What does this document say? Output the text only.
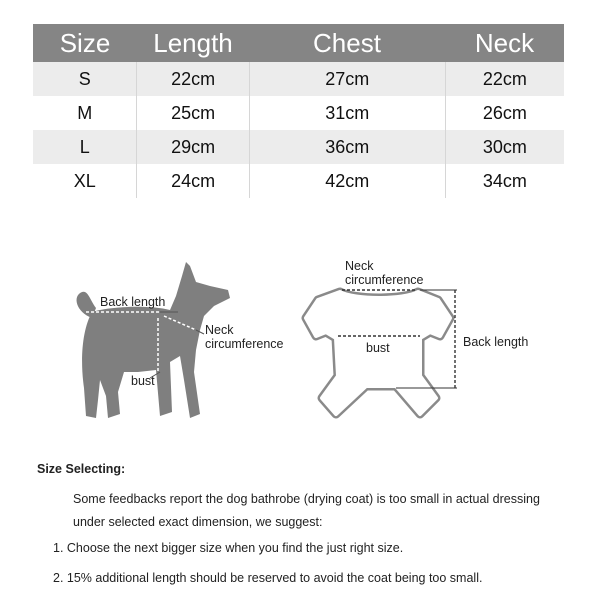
Size	Length	Chest	Neck
S	22cm	27cm	22cm
M	25cm	31cm	26cm
L	29cm	36cm	30cm
XL	24cm	42cm	34cm
Back length
Neck
circumference
bust
Neck
circumference
bust	Back length
Size Selecting:
Some feedbacks report the dog bathrobe (drying coat) is too small in actual dressing
under selected exact dimension, we suggest:
1. Choose the next bigger size when you find the just right size.
2. 15% additional length should be reserved to avoid the coat being too small.
